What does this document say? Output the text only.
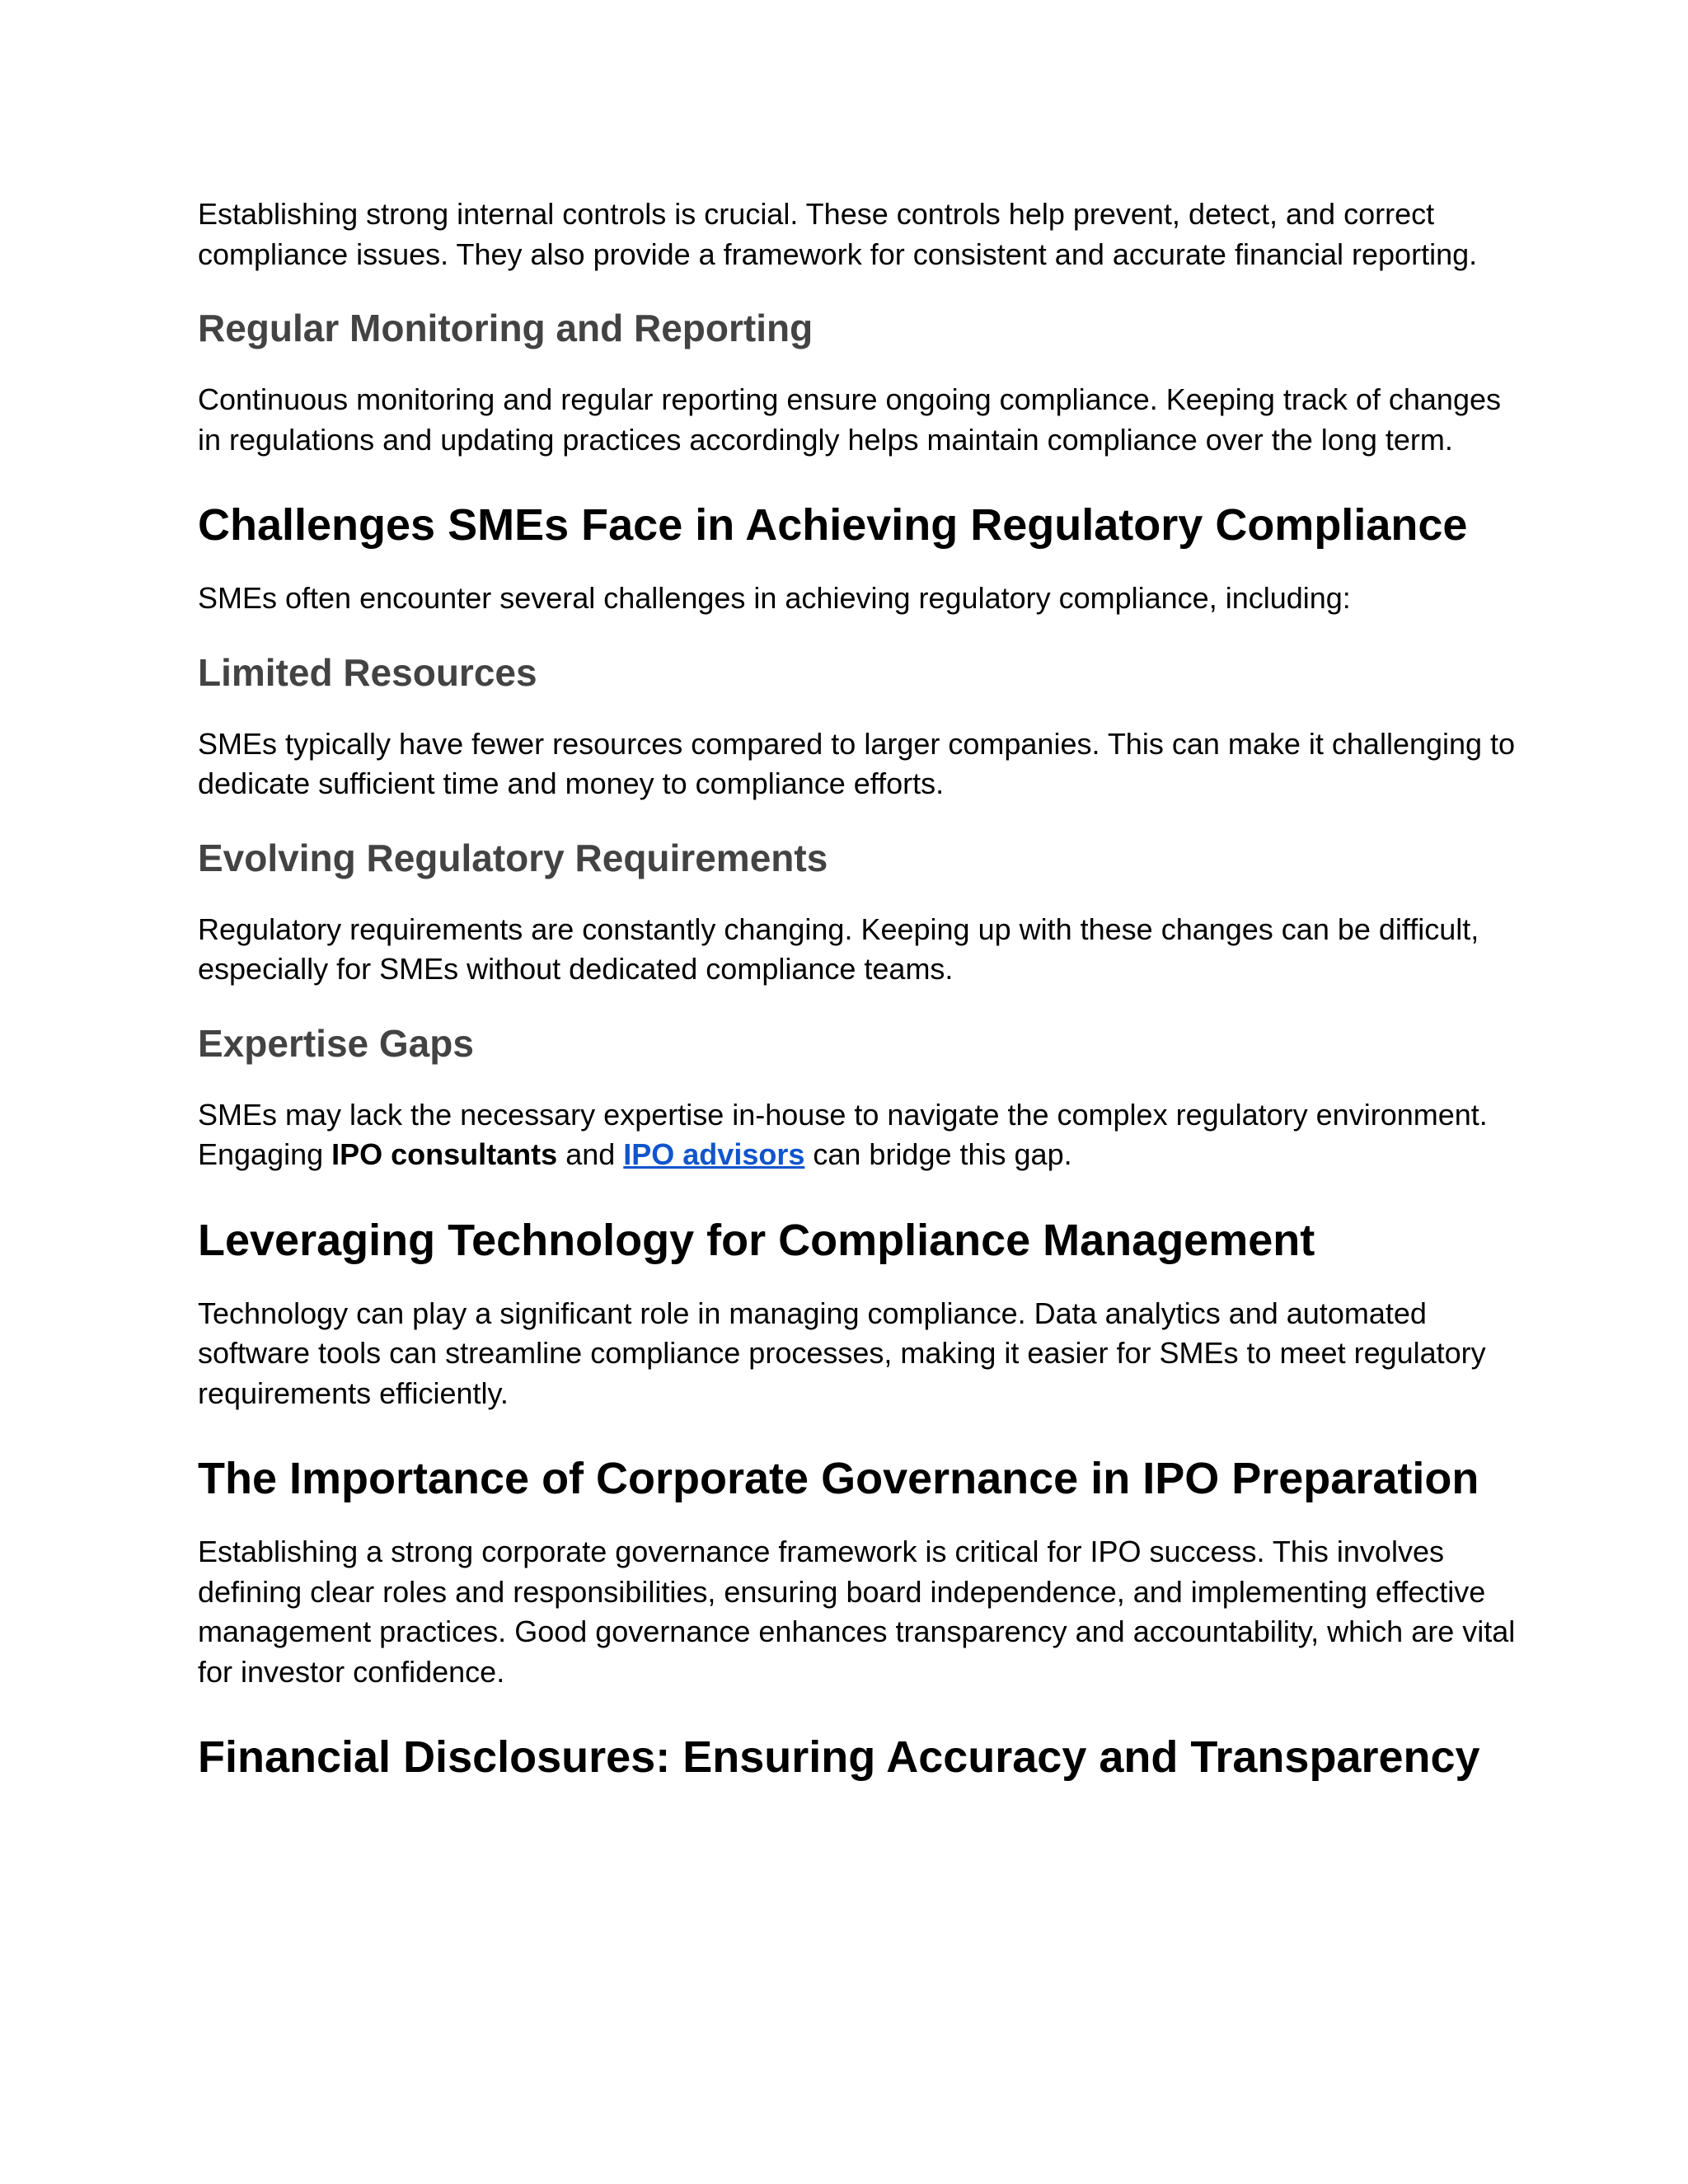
Establishing strong internal controls is crucial. These controls help prevent, detect, and correct compliance issues. They also provide a framework for consistent and accurate financial reporting.

Regular Monitoring and Reporting

Continuous monitoring and regular reporting ensure ongoing compliance. Keeping track of changes in regulations and updating practices accordingly helps maintain compliance over the long term.

Challenges SMEs Face in Achieving Regulatory Compliance

SMEs often encounter several challenges in achieving regulatory compliance, including:

Limited Resources

SMEs typically have fewer resources compared to larger companies. This can make it challenging to dedicate sufficient time and money to compliance efforts.

Evolving Regulatory Requirements

Regulatory requirements are constantly changing. Keeping up with these changes can be difficult, especially for SMEs without dedicated compliance teams.

Expertise Gaps

SMEs may lack the necessary expertise in-house to navigate the complex regulatory environment. Engaging IPO consultants and IPO advisors can bridge this gap.

Leveraging Technology for Compliance Management

Technology can play a significant role in managing compliance. Data analytics and automated software tools can streamline compliance processes, making it easier for SMEs to meet regulatory requirements efficiently.

The Importance of Corporate Governance in IPO Preparation

Establishing a strong corporate governance framework is critical for IPO success. This involves defining clear roles and responsibilities, ensuring board independence, and implementing effective management practices. Good governance enhances transparency and accountability, which are vital for investor confidence.

Financial Disclosures: Ensuring Accuracy and Transparency
